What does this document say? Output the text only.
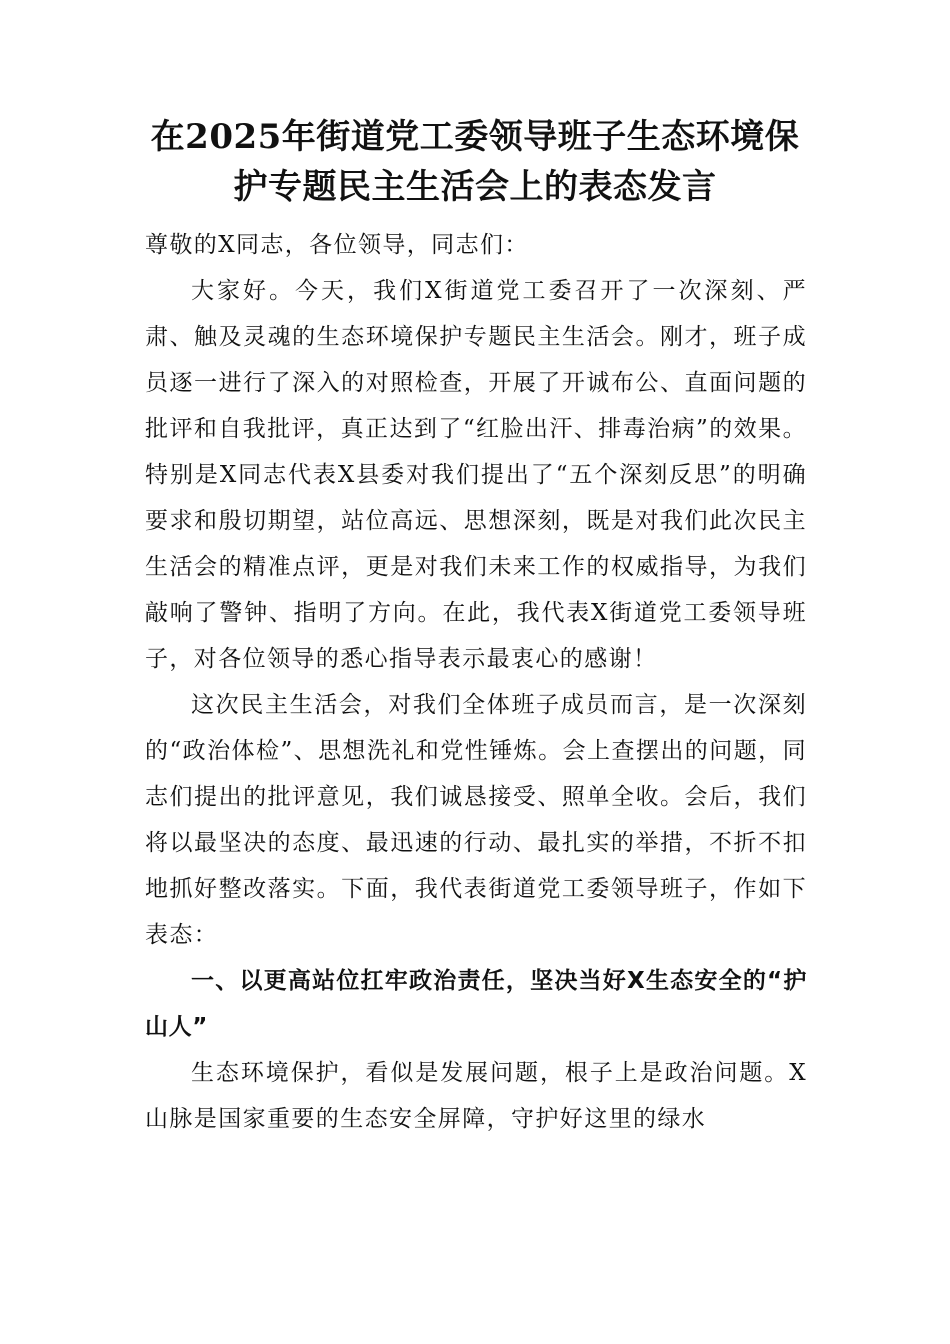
在2025年街道党工委领导班子生态环境保
护专题民主生活会上的表态发言

尊敬的X同志，各位领导，同志们：

大家好。今天，我们X街道党工委召开了一次深刻、严肃、触及灵魂的生态环境保护专题民主生活会。刚才，班子成员逐一进行了深入的对照检查，开展了开诚布公、直面问题的批评和自我批评，真正达到了“红脸出汗、排毒治病”的效果。特别是X同志代表X县委对我们提出了“五个深刻反思”的明确要求和殷切期望，站位高远、思想深刻，既是对我们此次民主生活会的精准点评，更是对我们未来工作的权威指导，为我们敲响了警钟、指明了方向。在此，我代表X街道党工委领导班子，对各位领导的悉心指导表示最衷心的感谢！

这次民主生活会，对我们全体班子成员而言，是一次深刻的“政治体检”、思想洗礼和党性锤炼。会上查摆出的问题，同志们提出的批评意见，我们诚恳接受、照单全收。会后，我们将以最坚决的态度、最迅速的行动、最扎实的举措，不折不扣地抓好整改落实。下面，我代表街道党工委领导班子，作如下表态：

一、以更高站位扛牢政治责任，坚决当好X生态安全的“护山人”

生态环境保护，看似是发展问题，根子上是政治问题。X山脉是国家重要的生态安全屏障，守护好这里的绿水
